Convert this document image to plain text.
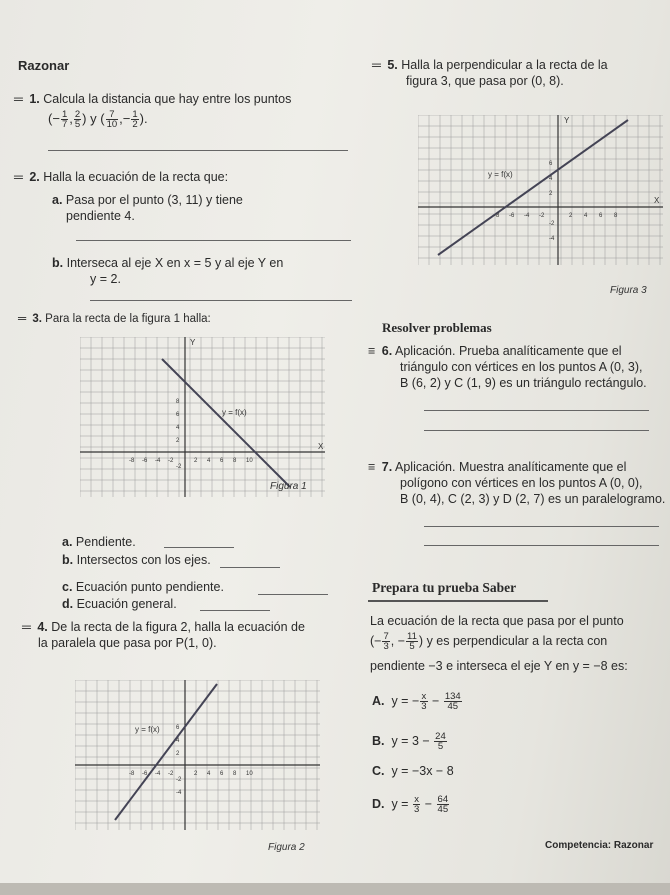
Razonar
═ 1. Calcula la distancia que hay entre los puntos
(− $\frac{1}{7}$ , $\frac{2}{5}$ ) y ( $\frac{7}{10}$ ,− $\frac{1}{2}$ ).
═ 2. Halla la ecuación de la recta que:
a. Pasa por el punto (3, 11) y tiene
pendiente 4.
b. Interseca al eje X en x = 5 y al eje Y en
y = 2.
═ 3. Para la recta de la figura 1 halla:
Y
X
y = f(x)
-8 -6 -4 -2	2 4 6 8 10
8
6
4
2
-2
Figura 1
a. Pendiente.
b. Intersectos con los ejes.
c. Ecuación punto pendiente.
d. Ecuación general.
═ 4. De la recta de la figura 2, halla la ecuación de
la paralela que pasa por P(1, 0).
y = f(x)
-8 -6 -4 -2	2 4 6 8 10
6
4
2
-2
-4
Figura 2
═ 5. Halla la perpendicular a la recta de la
figura 3, que pasa por (0, 8).
Y
X
y = f(x)
-8 -6 -4 -2	2 4 6 8
6
4
2
-2
-4
Figura 3
Resolver problemas
≡ 6. Aplicación. Prueba analíticamente que el
triángulo con vértices en los puntos A (0, 3),
B (6, 2) y C (1, 9) es un triángulo rectángulo.
≡ 7. Aplicación. Muestra analíticamente que el
polígono con vértices en los puntos A (0, 0),
B (0, 4), C (2, 3) y D (2, 7) es un paralelogramo.
Prepara tu prueba Saber
La ecuación de la recta que pasa por el punto
(− $\frac{7}{3}$ , − $\frac{11}{5}$ ) y es perpendicular a la recta con
pendiente −3 e interseca el eje Y en y = −8 es:
A. y = − $\frac{x}{3} - \frac{134}{45}$
B. $y = 3 - \frac{24}{5}$
C. y = −3x − 8
D. $y = \frac{x}{3} - \frac{64}{45}$
Competencia: Razonar
